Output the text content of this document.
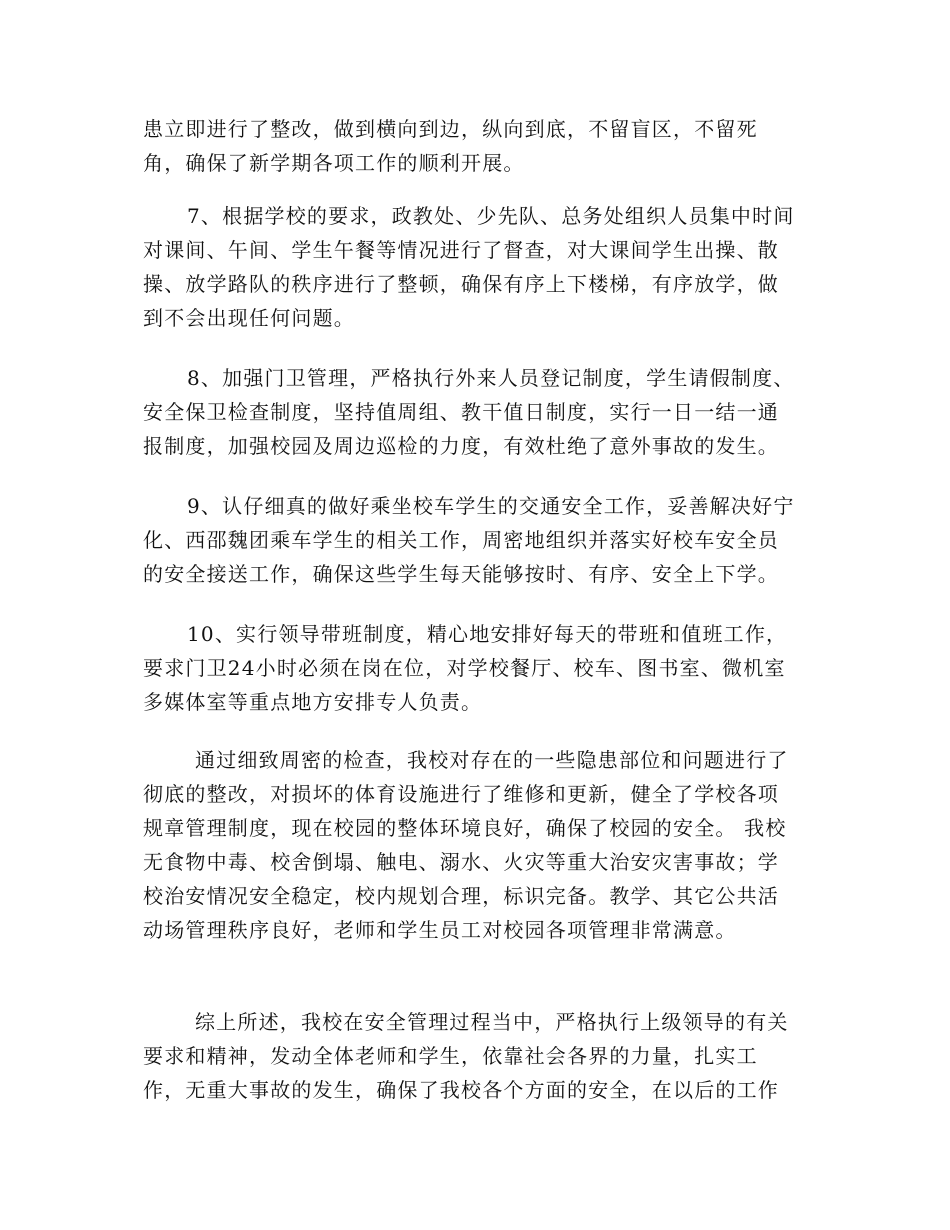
患立即进行了整改，做到横向到边，纵向到底，不留盲区，不留死
角，确保了新学期各项工作的顺利开展。
7、根据学校的要求，政教处、少先队、总务处组织人员集中时间
对课间、午间、学生午餐等情况进行了督查，对大课间学生出操、散
操、放学路队的秩序进行了整顿，确保有序上下楼梯，有序放学，做
到不会出现任何问题。
8、加强门卫管理，严格执行外来人员登记制度，学生请假制度、
安全保卫检查制度，坚持值周组、教干值日制度，实行一日一结一通
报制度，加强校园及周边巡检的力度，有效杜绝了意外事故的发生。
9、认仔细真的做好乘坐校车学生的交通安全工作，妥善解决好宁
化、西邵魏团乘车学生的相关工作，周密地组织并落实好校车安全员
的安全接送工作，确保这些学生每天能够按时、有序、安全上下学。
10、实行领导带班制度，精心地安排好每天的带班和值班工作，
要求门卫24小时必须在岗在位，对学校餐厅、校车、图书室、微机室
多媒体室等重点地方安排专人负责。
通过细致周密的检查，我校对存在的一些隐患部位和问题进行了
彻底的整改，对损坏的体育设施进行了维修和更新，健全了学校各项
规章管理制度，现在校园的整体环境良好，确保了校园的安全。 我校
无食物中毒、校舍倒塌、触电、溺水、火灾等重大治安灾害事故；学
校治安情况安全稳定，校内规划合理，标识完备。教学、其它公共活
动场管理秩序良好，老师和学生员工对校园各项管理非常满意。
综上所述，我校在安全管理过程当中，严格执行上级领导的有关
要求和精神，发动全体老师和学生，依靠社会各界的力量，扎实工
作，无重大事故的发生，确保了我校各个方面的安全，在以后的工作
